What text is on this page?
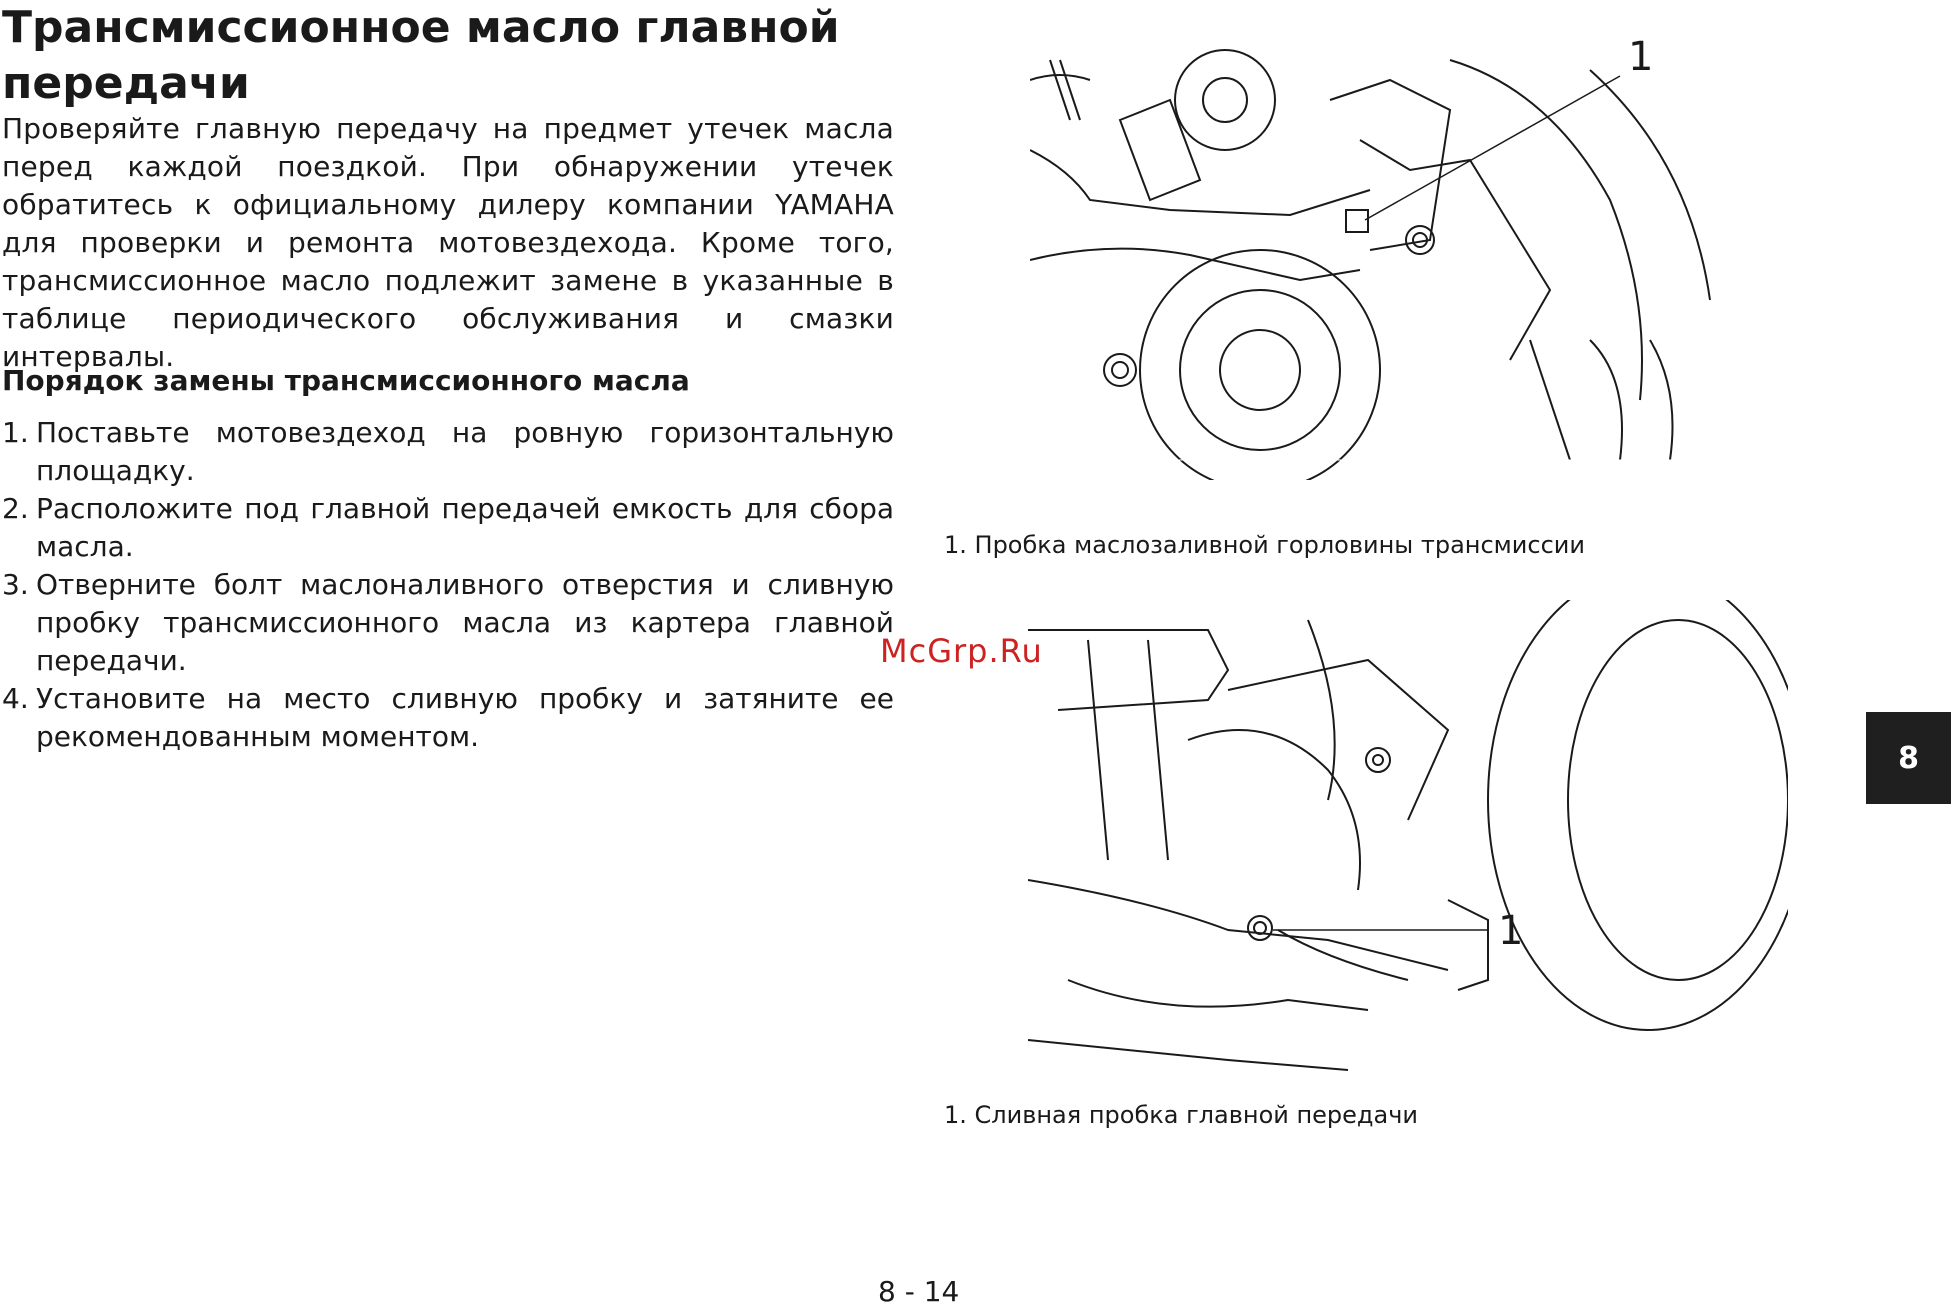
Трансмиссионное масло главной передачи

Проверяйте главную передачу на предмет утечек масла перед каждой поездкой. При обнаружении утечек обратитесь к официальному дилеру компании YAMAHA для проверки и ремонта мотовездехода. Кроме того, трансмиссионное масло подлежит замене в указанные в таблице периодического обслуживания и смазки интервалы.

Порядок замены трансмиссионного масла

1. Поставьте мотовездеход на ровную горизонтальную площадку.
2. Расположите под главной передачей емкость для сбора масла.
3. Отверните болт маслоналивного отверстия и сливную пробку трансмиссионного масла из картера главной передачи.
4. Установите на место сливную пробку и затяните ее рекомендованным моментом.
1
1. Пробка маслозаливной горловины трансмиссии
1
1. Сливная пробка главной передачи
McGrp.Ru
8
8 - 14
